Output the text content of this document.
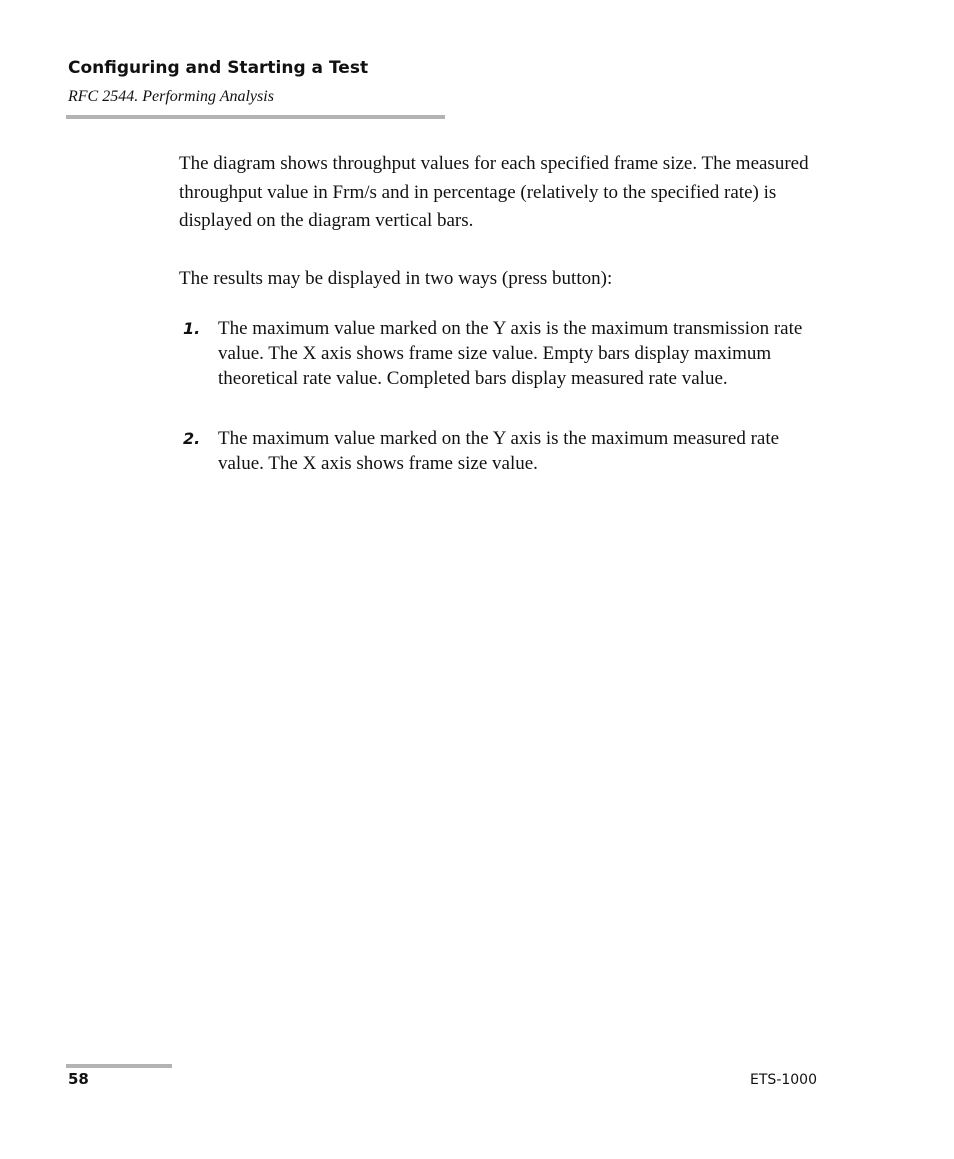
Configuring and Starting a Test
RFC 2544. Performing Analysis
The diagram shows throughput values for each specified frame size. The measured throughput value in Frm/s and in percentage (relatively to the specified rate) is displayed on the diagram vertical bars.
The results may be displayed in two ways (press button):
1. The maximum value marked on the Y axis is the maximum transmission rate value. The X axis shows frame size value. Empty bars display maximum theoretical rate value. Completed bars display measured rate value.
2. The maximum value marked on the Y axis is the maximum measured rate value. The X axis shows frame size value.
58	ETS-1000
